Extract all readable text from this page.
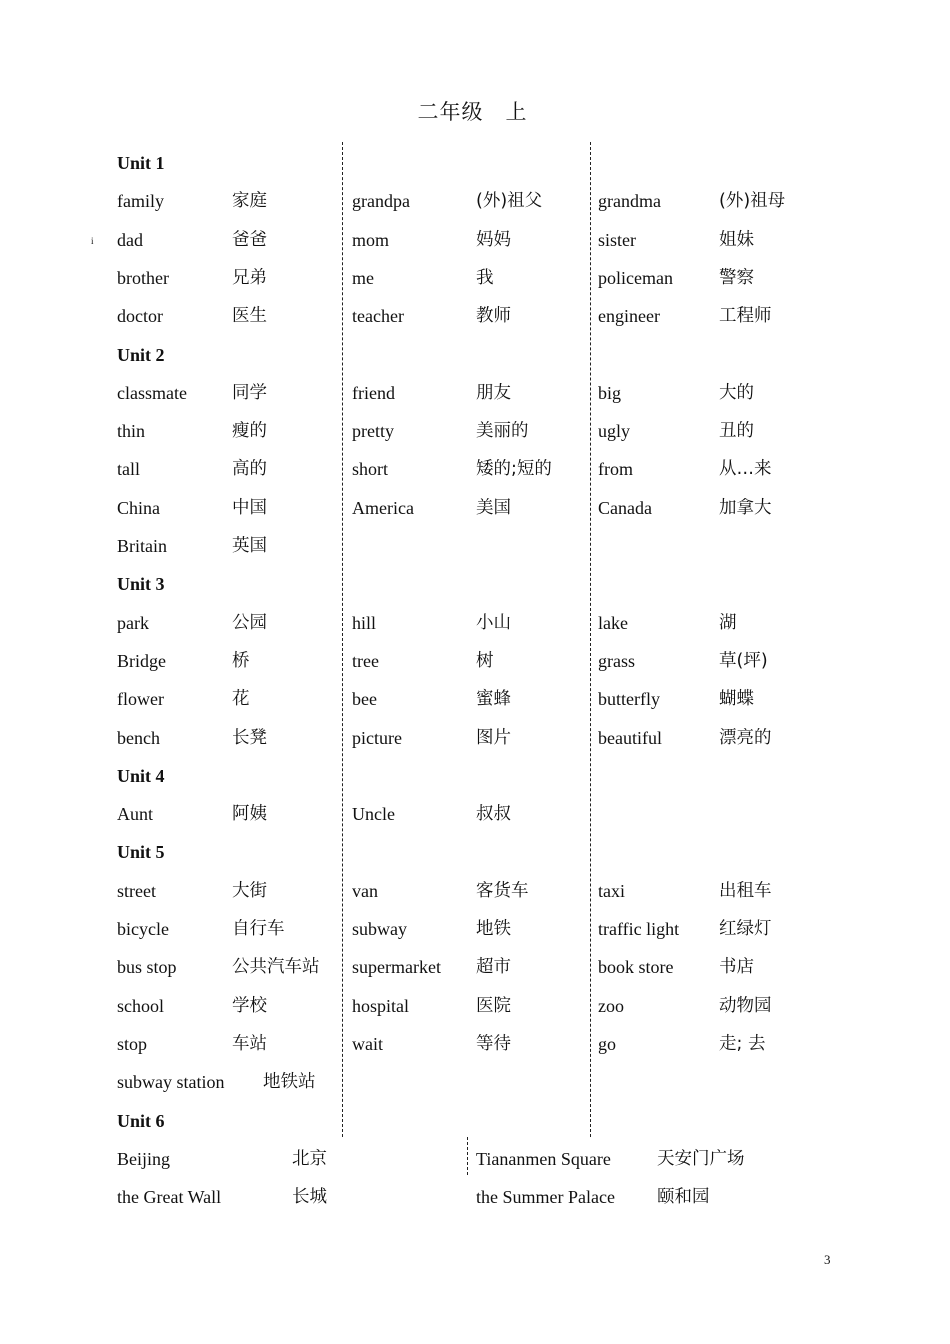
二年级　上
Unit 1
family	家庭	grandpa	(外)祖父	grandma	(外)祖母
dad	爸爸	mom	妈妈	sister	姐妹
brother	兄弟	me	我	policeman	警察
doctor	医生	teacher	教师	engineer	工程师
Unit 2
classmate	同学	friend	朋友	big	大的
thin	瘦的	pretty	美丽的	ugly	丑的
tall	高的	short	矮的;短的	from	从…来
China	中国	America	美国	Canada	加拿大
Britain	英国
Unit 3
park	公园	hill	小山	lake	湖
Bridge	桥	tree	树	grass	草(坪)
flower	花	bee	蜜蜂	butterfly	蝴蝶
bench	长凳	picture	图片	beautiful	漂亮的
Unit 4
Aunt	阿姨	Uncle	叔叔
Unit 5
street	大街	van	客货车	taxi	出租车
bicycle	自行车	subway	地铁	traffic light 红绿灯
bus stop	公共汽车站 supermarket 超市	book store	书店
school	学校	hospital	医院	zoo	动物园
stop	车站	wait	等待	go	走; 去
subway station 地铁站
Unit 6
Beijing	北京	Tiananmen Square	天安门广场
the Great Wall	长城	the Summer Palace 颐和园
i
3
